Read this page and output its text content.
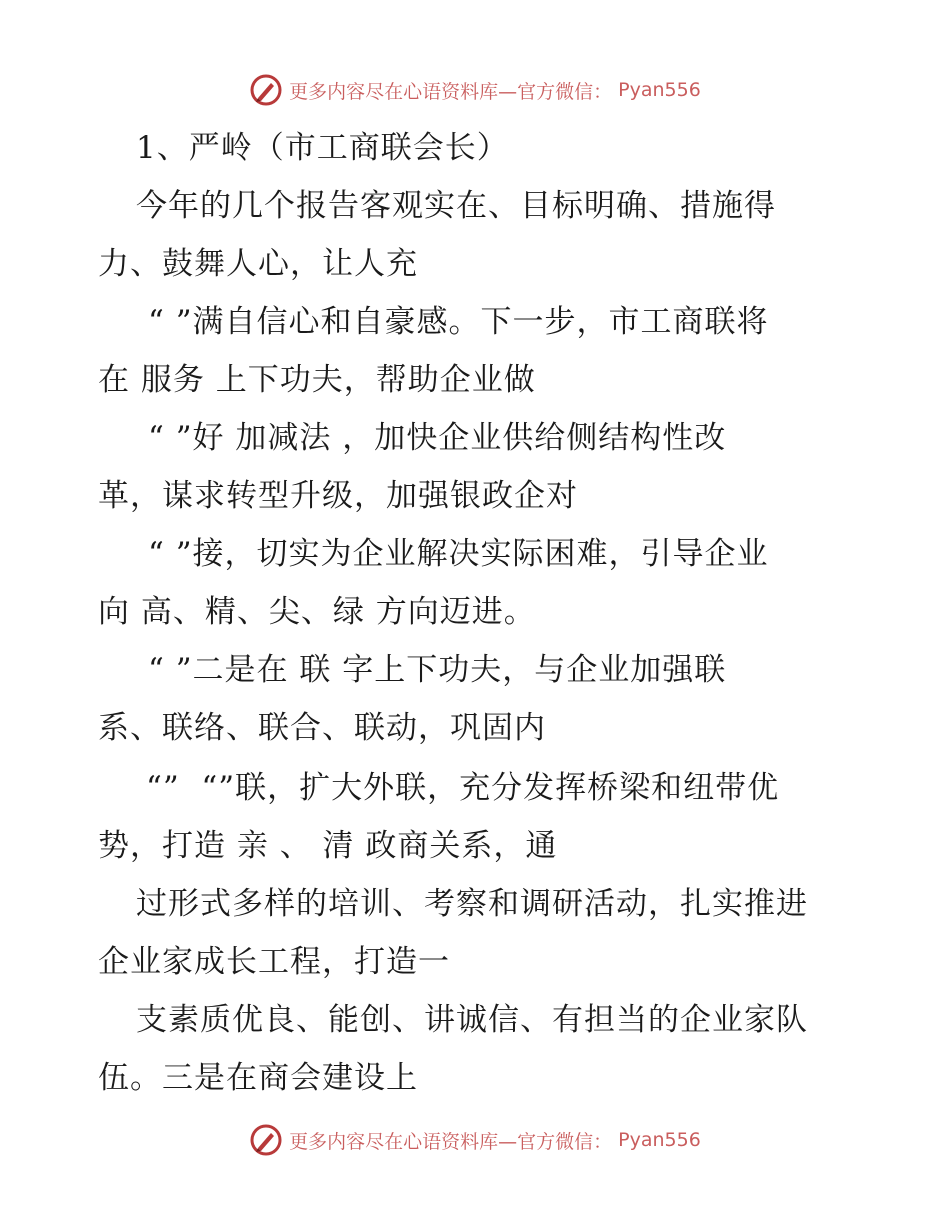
更多内容尽在心语资料库—官方微信： Pyan556
1、严岭（市工商联会长）
今年的几个报告客观实在、目标明确、措施得
力、鼓舞人心，让人充
“ ”满自信心和自豪感。下一步，市工商联将
在 服务 上下功夫，帮助企业做
“ ”好 加减法 ，加快企业供给侧结构性改
革，谋求转型升级，加强银政企对
“ ”接，切实为企业解决实际困难，引导企业
向 高、精、尖、绿 方向迈进。
“ ”二是在 联 字上下功夫，与企业加强联
系、联络、联合、联动，巩固内
“”  “”联，扩大外联，充分发挥桥梁和纽带优
势，打造 亲 、 清 政商关系，通
过形式多样的培训、考察和调研活动，扎实推进
企业家成长工程，打造一
支素质优良、能创、讲诚信、有担当的企业家队
伍。三是在商会建设上
更多内容尽在心语资料库—官方微信： Pyan556
